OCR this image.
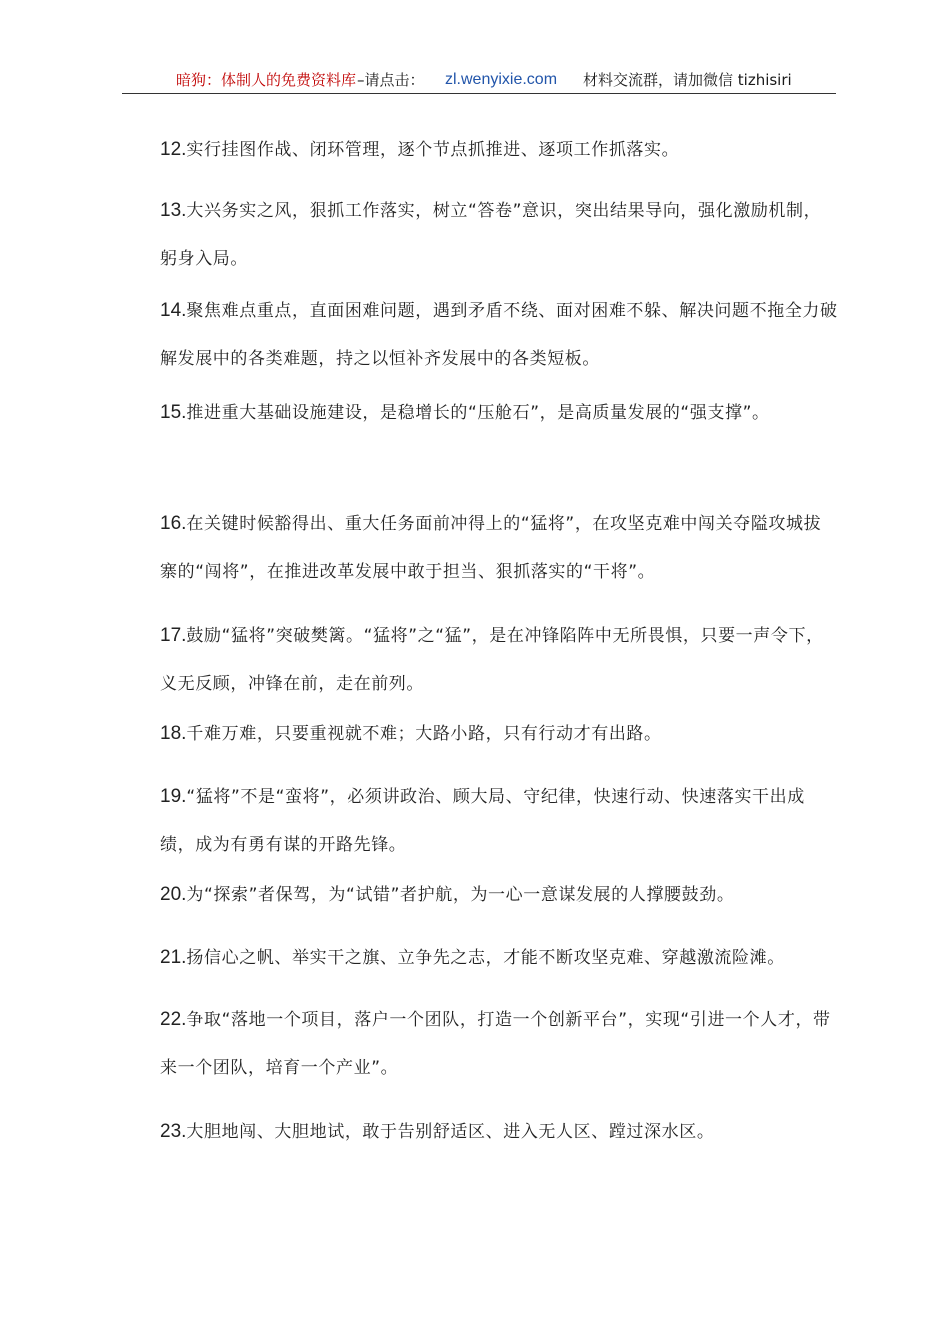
暗狗：体制人的免费资料库 –请点击： zl.wenyixie.com 材料交流群，请加微信 tizhisiri
12.实行挂图作战、闭环管理，逐个节点抓推进、逐项工作抓落实。
13.大兴务实之风，狠抓工作落实，树立“答卷”意识，突出结果导向，强化激励机制，躬身入局。
14.聚焦难点重点，直面困难问题，遇到矛盾不绕、面对困难不躲、解决问题不拖全力破解发展中的各类难题，持之以恒补齐发展中的各类短板。
15.推进重大基础设施建设，是稳增长的“压舱石”，是高质量发展的“强支撑”。
16.在关键时候豁得出、重大任务面前冲得上的“猛将”，在攻坚克难中闯关夺隘攻城拔寨的“闯将”，在推进改革发展中敢于担当、狠抓落实的“干将”。
17.鼓励“猛将”突破樊篱。“猛将”之“猛”，是在冲锋陷阵中无所畏惧，只要一声令下，义无反顾，冲锋在前，走在前列。
18.千难万难，只要重视就不难；大路小路，只有行动才有出路。
19.“猛将”不是“蛮将”，必须讲政治、顾大局、守纪律，快速行动、快速落实干出成绩，成为有勇有谋的开路先锋。
20.为“探索”者保驾，为“试错”者护航，为一心一意谋发展的人撑腰鼓劲。
21.扬信心之帆、举实干之旗、立争先之志，才能不断攻坚克难、穿越激流险滩。
22.争取“落地一个项目，落户一个团队，打造一个创新平台”，实现“引进一个人才，带来一个团队，培育一个产业”。
23.大胆地闯、大胆地试，敢于告别舒适区、进入无人区、蹚过深水区。
